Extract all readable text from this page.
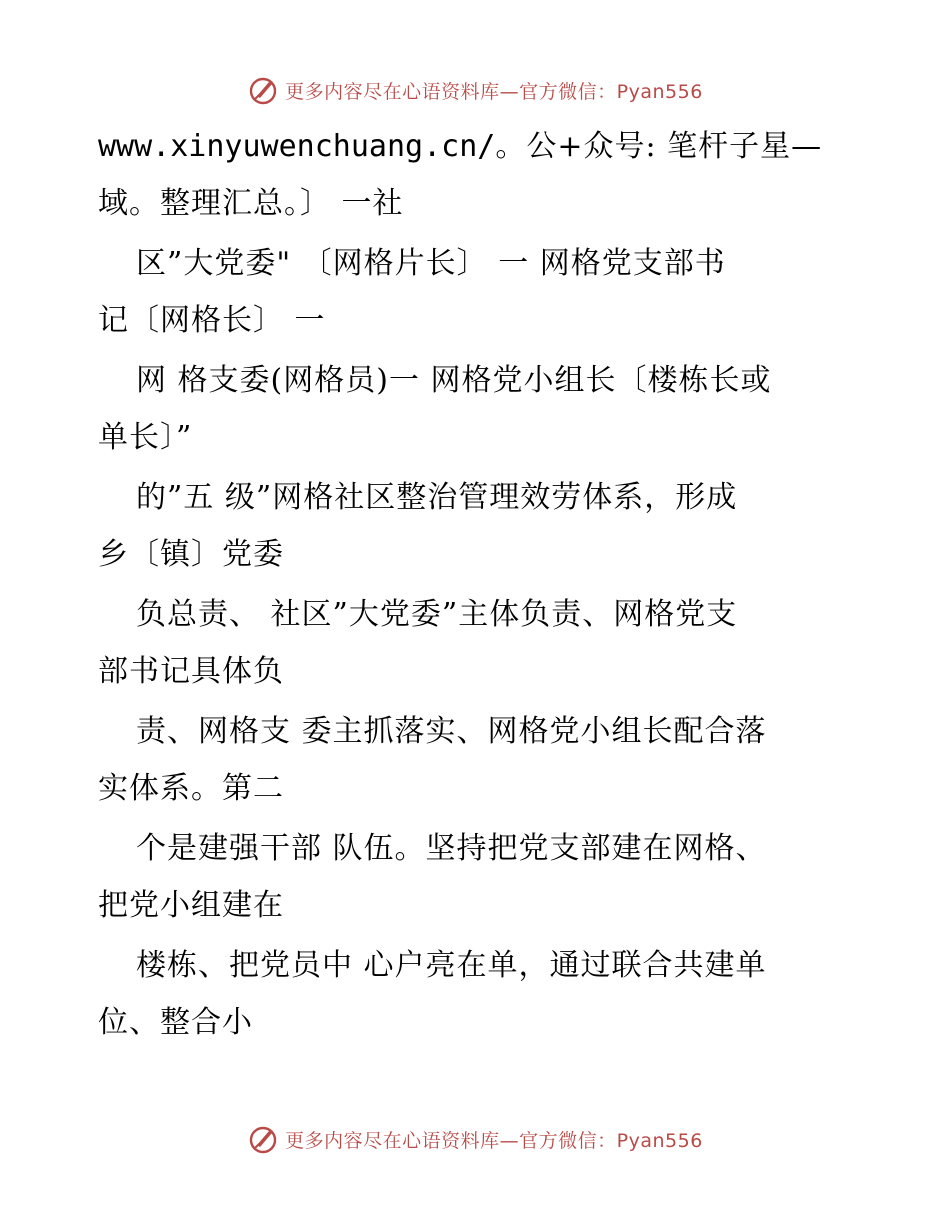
更多内容尽在心语资料库—官方微信：Pyan556
www.xinyuwenchuang.cn/。公+众号: 笔杆子星—
域。整理汇总。〕 一社
区”大党委" 〔网格片长〕 一 网格党支部书
记〔网格长〕 一
网 格支委(网格员)一 网格党小组长〔楼栋长或
单长〕”
的”五 级”网格社区整治管理效劳体系，形成
乡〔镇〕党委
负总责、 社区”大党委”主体负责、网格党支
部书记具体负
责、网格支 委主抓落实、网格党小组长配合落
实体系。第二
个是建强干部 队伍。坚持把党支部建在网格、
把党小组建在
楼栋、把党员中 心户亮在单，通过联合共建单
位、整合小
更多内容尽在心语资料库—官方微信：Pyan556
